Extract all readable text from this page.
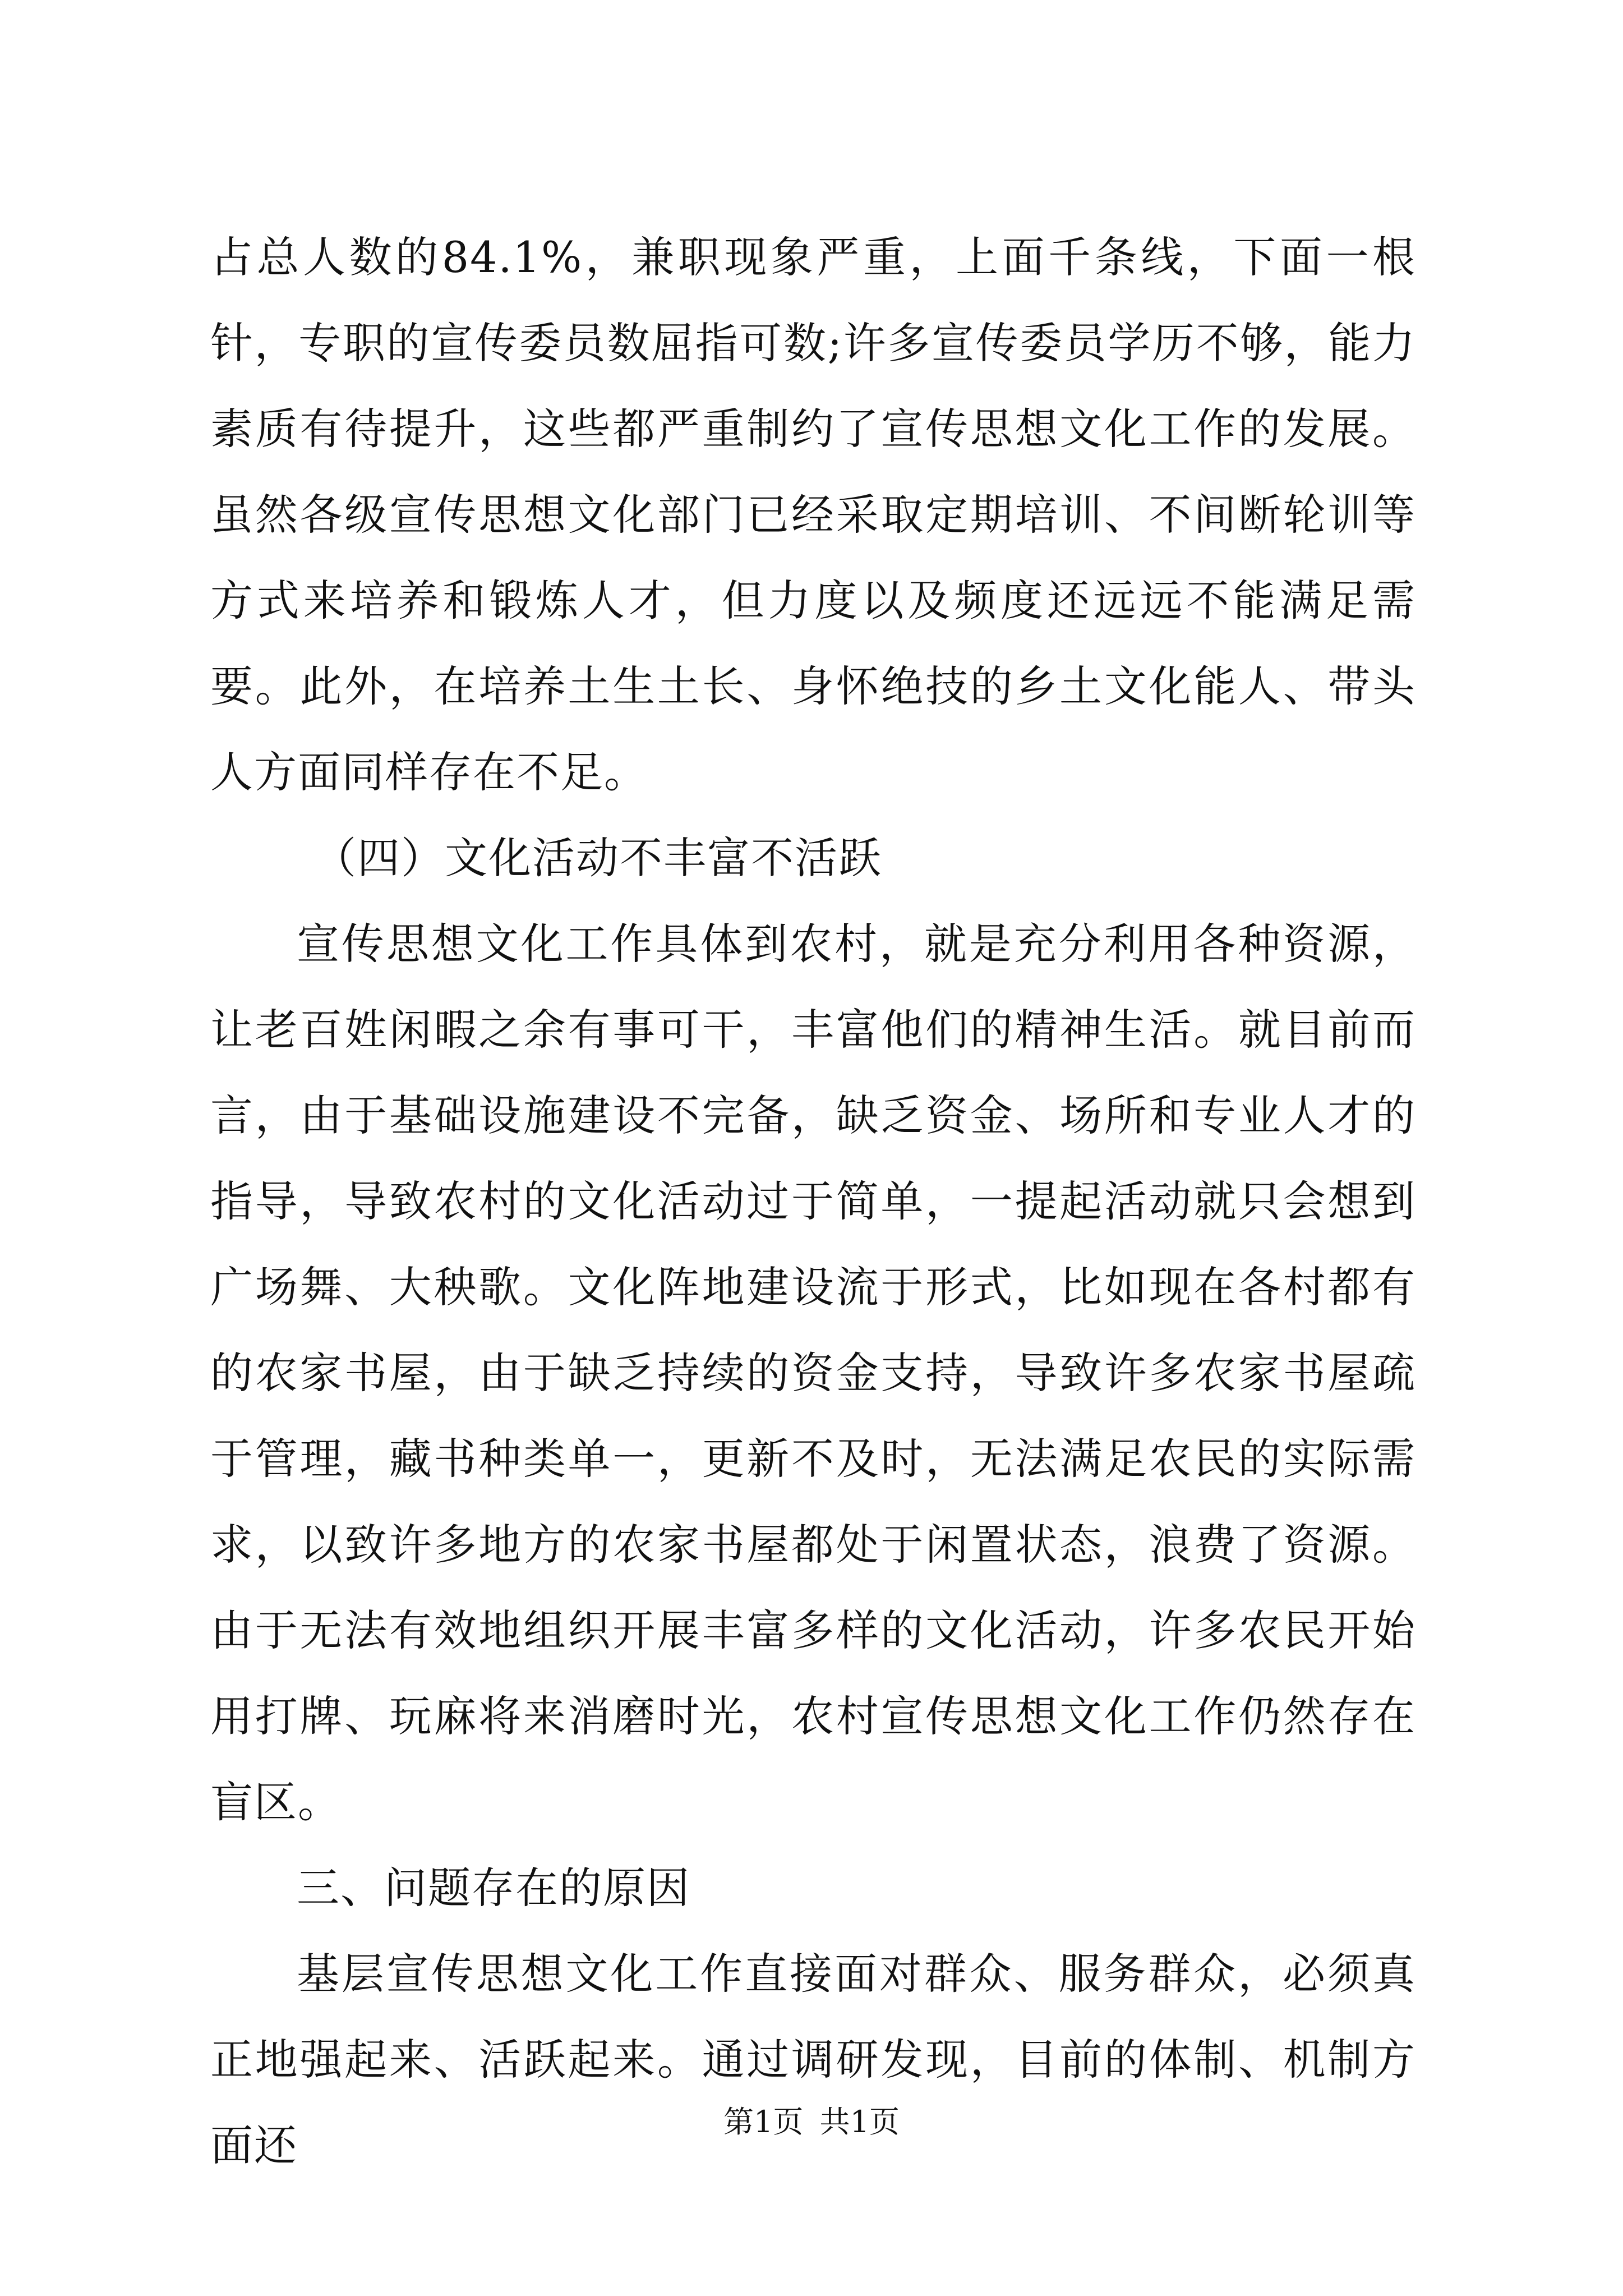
占总人数的84.1%，兼职现象严重，上面千条线，下面一根针，专职的宣传委员数屈指可数;许多宣传委员学历不够，能力素质有待提升，这些都严重制约了宣传思想文化工作的发展。虽然各级宣传思想文化部门已经采取定期培训、不间断轮训等方式来培养和锻炼人才，但力度以及频度还远远不能满足需要。此外，在培养土生土长、身怀绝技的乡土文化能人、带头人方面同样存在不足。

（四）文化活动不丰富不活跃

宣传思想文化工作具体到农村，就是充分利用各种资源，让老百姓闲暇之余有事可干，丰富他们的精神生活。就目前而言，由于基础设施建设不完备，缺乏资金、场所和专业人才的指导，导致农村的文化活动过于简单，一提起活动就只会想到广场舞、大秧歌。文化阵地建设流于形式，比如现在各村都有的农家书屋，由于缺乏持续的资金支持，导致许多农家书屋疏于管理，藏书种类单一，更新不及时，无法满足农民的实际需求，以致许多地方的农家书屋都处于闲置状态，浪费了资源。由于无法有效地组织开展丰富多样的文化活动，许多农民开始用打牌、玩麻将来消磨时光，农村宣传思想文化工作仍然存在盲区。

三、问题存在的原因

基层宣传思想文化工作直接面对群众、服务群众，必须真正地强起来、活跃起来。通过调研发现，目前的体制、机制方面还	第1页 共1页
